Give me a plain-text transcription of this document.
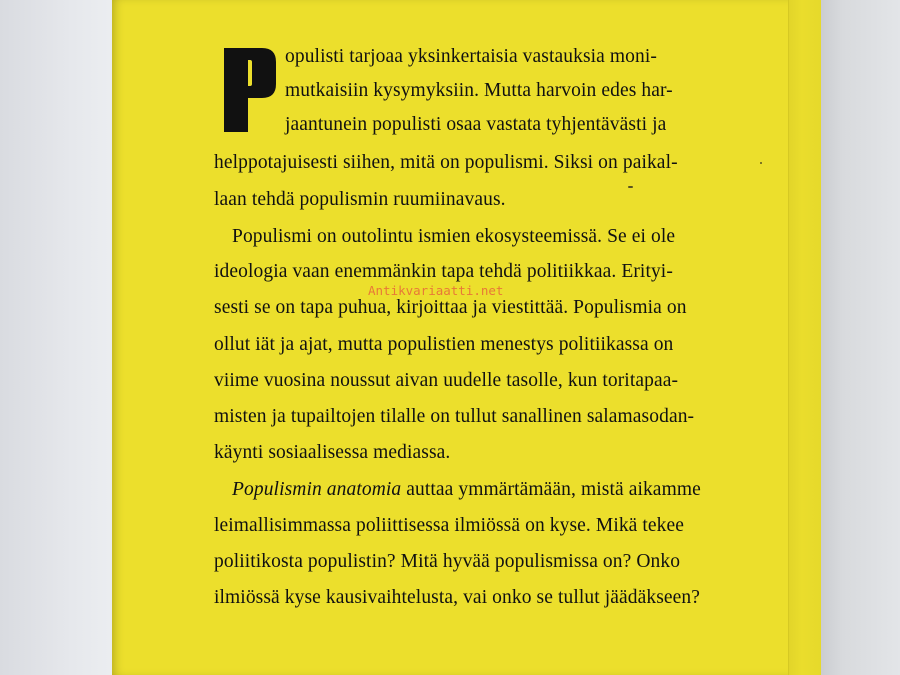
opulisti tarjoaa yksinkertaisia vastauksia moni-
mutkaisiin kysymyksiin. Mutta harvoin edes har-
jaantunein populisti osaa vastata tyhjentävästi ja
helppotajuisesti siihen, mitä on populismi. Siksi on paikal-
laan tehdä populismin ruumiinavaus.
Populismi on outolintu ismien ekosysteemissä. Se ei ole
ideologia vaan enemmänkin tapa tehdä politiikkaa. Erityi-
sesti se on tapa puhua, kirjoittaa ja viestittää. Populismia on
ollut iät ja ajat, mutta populistien menestys politiikassa on
viime vuosina noussut aivan uudelle tasolle, kun toritapaa-
misten ja tupailtojen tilalle on tullut sanallinen salamasodan-
käynti sosiaalisessa mediassa.
Populismin anatomia auttaa ymmärtämään, mistä aikamme
leimallisimmassa poliittisessa ilmiössä on kyse. Mikä tekee
poliitikosta populistin? Mitä hyvää populismissa on? Onko
ilmiössä kyse kausivaihtelusta, vai onko se tullut jäädäkseen?
Antikvariaatti.net
